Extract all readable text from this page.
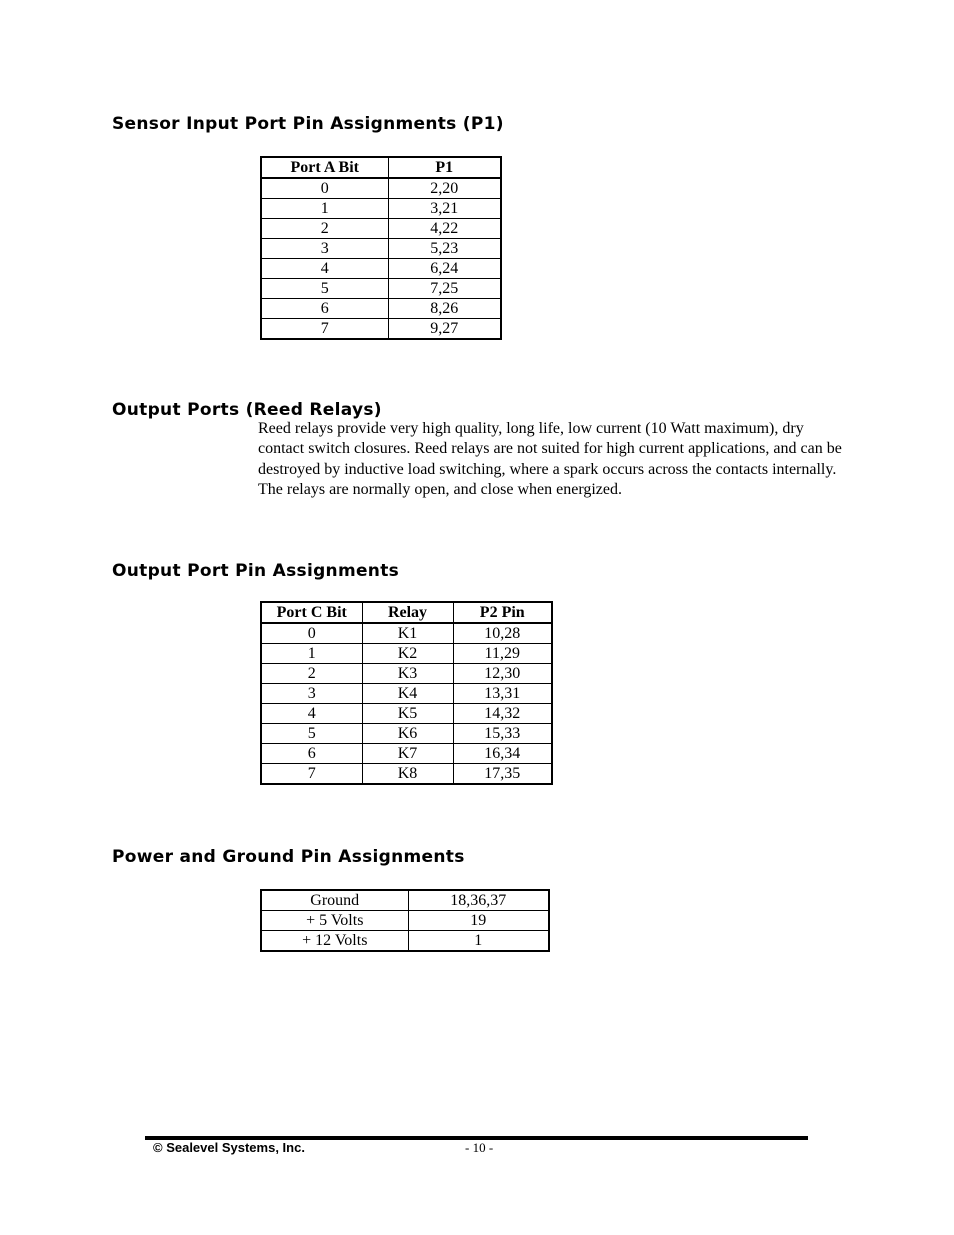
Sensor Input Port Pin Assignments (P1)
Port A Bit	P1
0	2,20
1	3,21
2	4,22
3	5,23
4	6,24
5	7,25
6	8,26
7	9,27
Output Ports (Reed Relays)

Reed relays provide very high quality, long life, low current (10 Watt maximum), dry contact switch closures. Reed relays are not suited for high current applications, and can be destroyed by inductive load switching, where a spark occurs across the contacts internally. The relays are normally open, and close when energized.

Output Port Pin Assignments
Port C Bit	Relay	P2 Pin
0	K1	10,28
1	K2	11,29
2	K3	12,30
3	K4	13,31
4	K5	14,32
5	K6	15,33
6	K7	16,34
7	K8	17,35
Power and Ground Pin Assignments
Ground	18,36,37
+ 5 Volts	19
+ 12 Volts	1
© Sealevel Systems, Inc.	- 10 -
